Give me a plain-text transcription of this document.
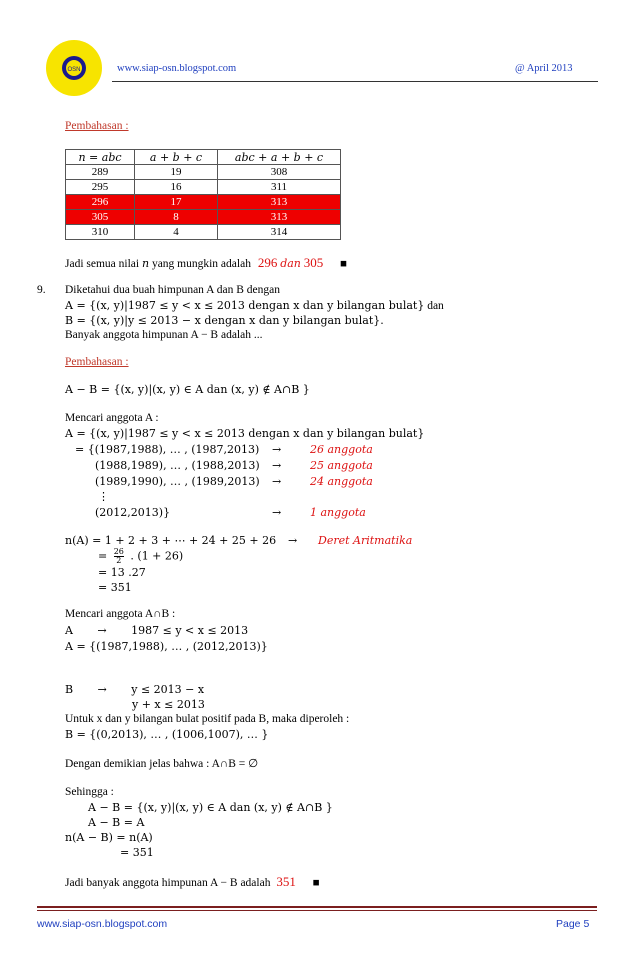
OSN	www.siap-osn.blogspot.com	@ April 2013
Pembahasan :
n = abc	a + b + c	abc + a + b + c
289	19	308
295	16	311
296	17	313
305	8	313
310	4	314
Jadi semua nilai n yang mungkin adalah 296 dan 305 ■
9. Diketahui dua buah himpunan A dan B dengan
A = {(x, y)|1987 ≤ y < x ≤ 2013 dengan x dan y bilangan bulat} dan
B = {(x, y)|y ≤ 2013 − x dengan x dan y bilangan bulat}.
Banyak anggota himpunan A − B adalah ...
Pembahasan :
A − B = {(x, y)|(x, y) ∈ A dan (x, y) ∉ A∩B }
Mencari anggota A :
A = {(x, y)|1987 ≤ y < x ≤ 2013 dengan x dan y bilangan bulat}
= {(1987,1988), … , (1987,2013) →	26 anggota
(1988,1989), … , (1988,2013) →	25 anggota
(1989,1990), … , (1989,2013) →	24 anggota
⋮
(2012,2013)}	→	1 anggota
n(A) = 1 + 2 + 3 + ⋯ + 24 + 25 + 26 → Deret Aritmatika
= $\frac{26}{2}$ . (1 + 26)
= 13 .27
= 351
Mencari anggota A∩B :
A       →       1987 ≤ y < x ≤ 2013
A = {(1987,1988), … , (2012,2013)}
B       →       y ≤ 2013 − x
y + x ≤ 2013
Untuk x dan y bilangan bulat positif pada B, maka diperoleh :
B = {(0,2013), … , (1006,1007), … }
Dengan demikian jelas bahwa : A∩B = ∅
Sehingga :
A − B = {(x, y)|(x, y) ∈ A dan (x, y) ∉ A∩B }
A − B = A
n(A − B) = n(A)
= 351
Jadi banyak anggota himpunan A − B adalah 351 ■
www.siap-osn.blogspot.com	Page 5
